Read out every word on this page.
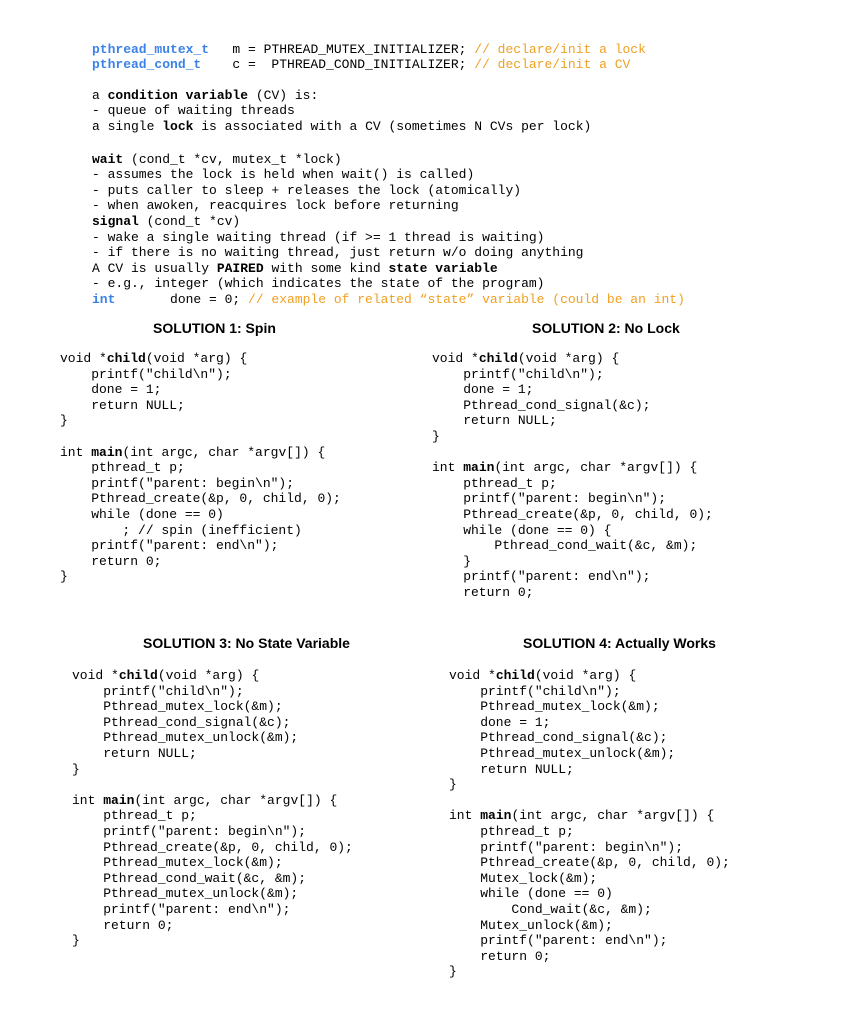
pthread_mutex_t   m = PTHREAD_MUTEX_INITIALIZER; // declare/init a lock
pthread_cond_t    c =  PTHREAD_COND_INITIALIZER; // declare/init a CV

a condition variable (CV) is:
- queue of waiting threads
a single lock is associated with a CV (sometimes N CVs per lock)

wait (cond_t *cv, mutex_t *lock)
- assumes the lock is held when wait() is called)
- puts caller to sleep + releases the lock (atomically)
- when awoken, reacquires lock before returning
signal (cond_t *cv)
- wake a single waiting thread (if >= 1 thread is waiting)
- if there is no waiting thread, just return w/o doing anything
A CV is usually PAIRED with some kind state variable
- e.g., integer (which indicates the state of the program)
int       done = 0; // example of related “state” variable (could be an int)

SOLUTION 1: Spin	SOLUTION 2: No Lock
SOLUTION 3: No State Variable	SOLUTION 4: Actually Works
void *child(void *arg) {
printf("child\n");
done = 1;
return NULL;
}
int main(int argc, char *argv[]) {
pthread_t p;
printf("parent: begin\n");
Pthread_create(&p, 0, child, 0);
while (done == 0)
; // spin (inefficient)
printf("parent: end\n");
return 0;
}
void *child(void *arg) {
printf("child\n");
done = 1;
Pthread_cond_signal(&c);
return NULL;
}
int main(int argc, char *argv[]) {
pthread_t p;
printf("parent: begin\n");
Pthread_create(&p, 0, child, 0);
while (done == 0) {
Pthread_cond_wait(&c, &m);
}
printf("parent: end\n");
return 0;
void *child(void *arg) {
printf("child\n");
Pthread_mutex_lock(&m);
Pthread_cond_signal(&c);
Pthread_mutex_unlock(&m);
return NULL;
}
int main(int argc, char *argv[]) {
pthread_t p;
printf("parent: begin\n");
Pthread_create(&p, 0, child, 0);
Pthread_mutex_lock(&m);
Pthread_cond_wait(&c, &m);
Pthread_mutex_unlock(&m);
printf("parent: end\n");
return 0;
}
void *child(void *arg) {
printf("child\n");
Pthread_mutex_lock(&m);
done = 1;
Pthread_cond_signal(&c);
Pthread_mutex_unlock(&m);
return NULL;
}
int main(int argc, char *argv[]) {
pthread_t p;
printf("parent: begin\n");
Pthread_create(&p, 0, child, 0);
Mutex_lock(&m);
while (done == 0)
Cond_wait(&c, &m);
Mutex_unlock(&m);
printf("parent: end\n");
return 0;
}
